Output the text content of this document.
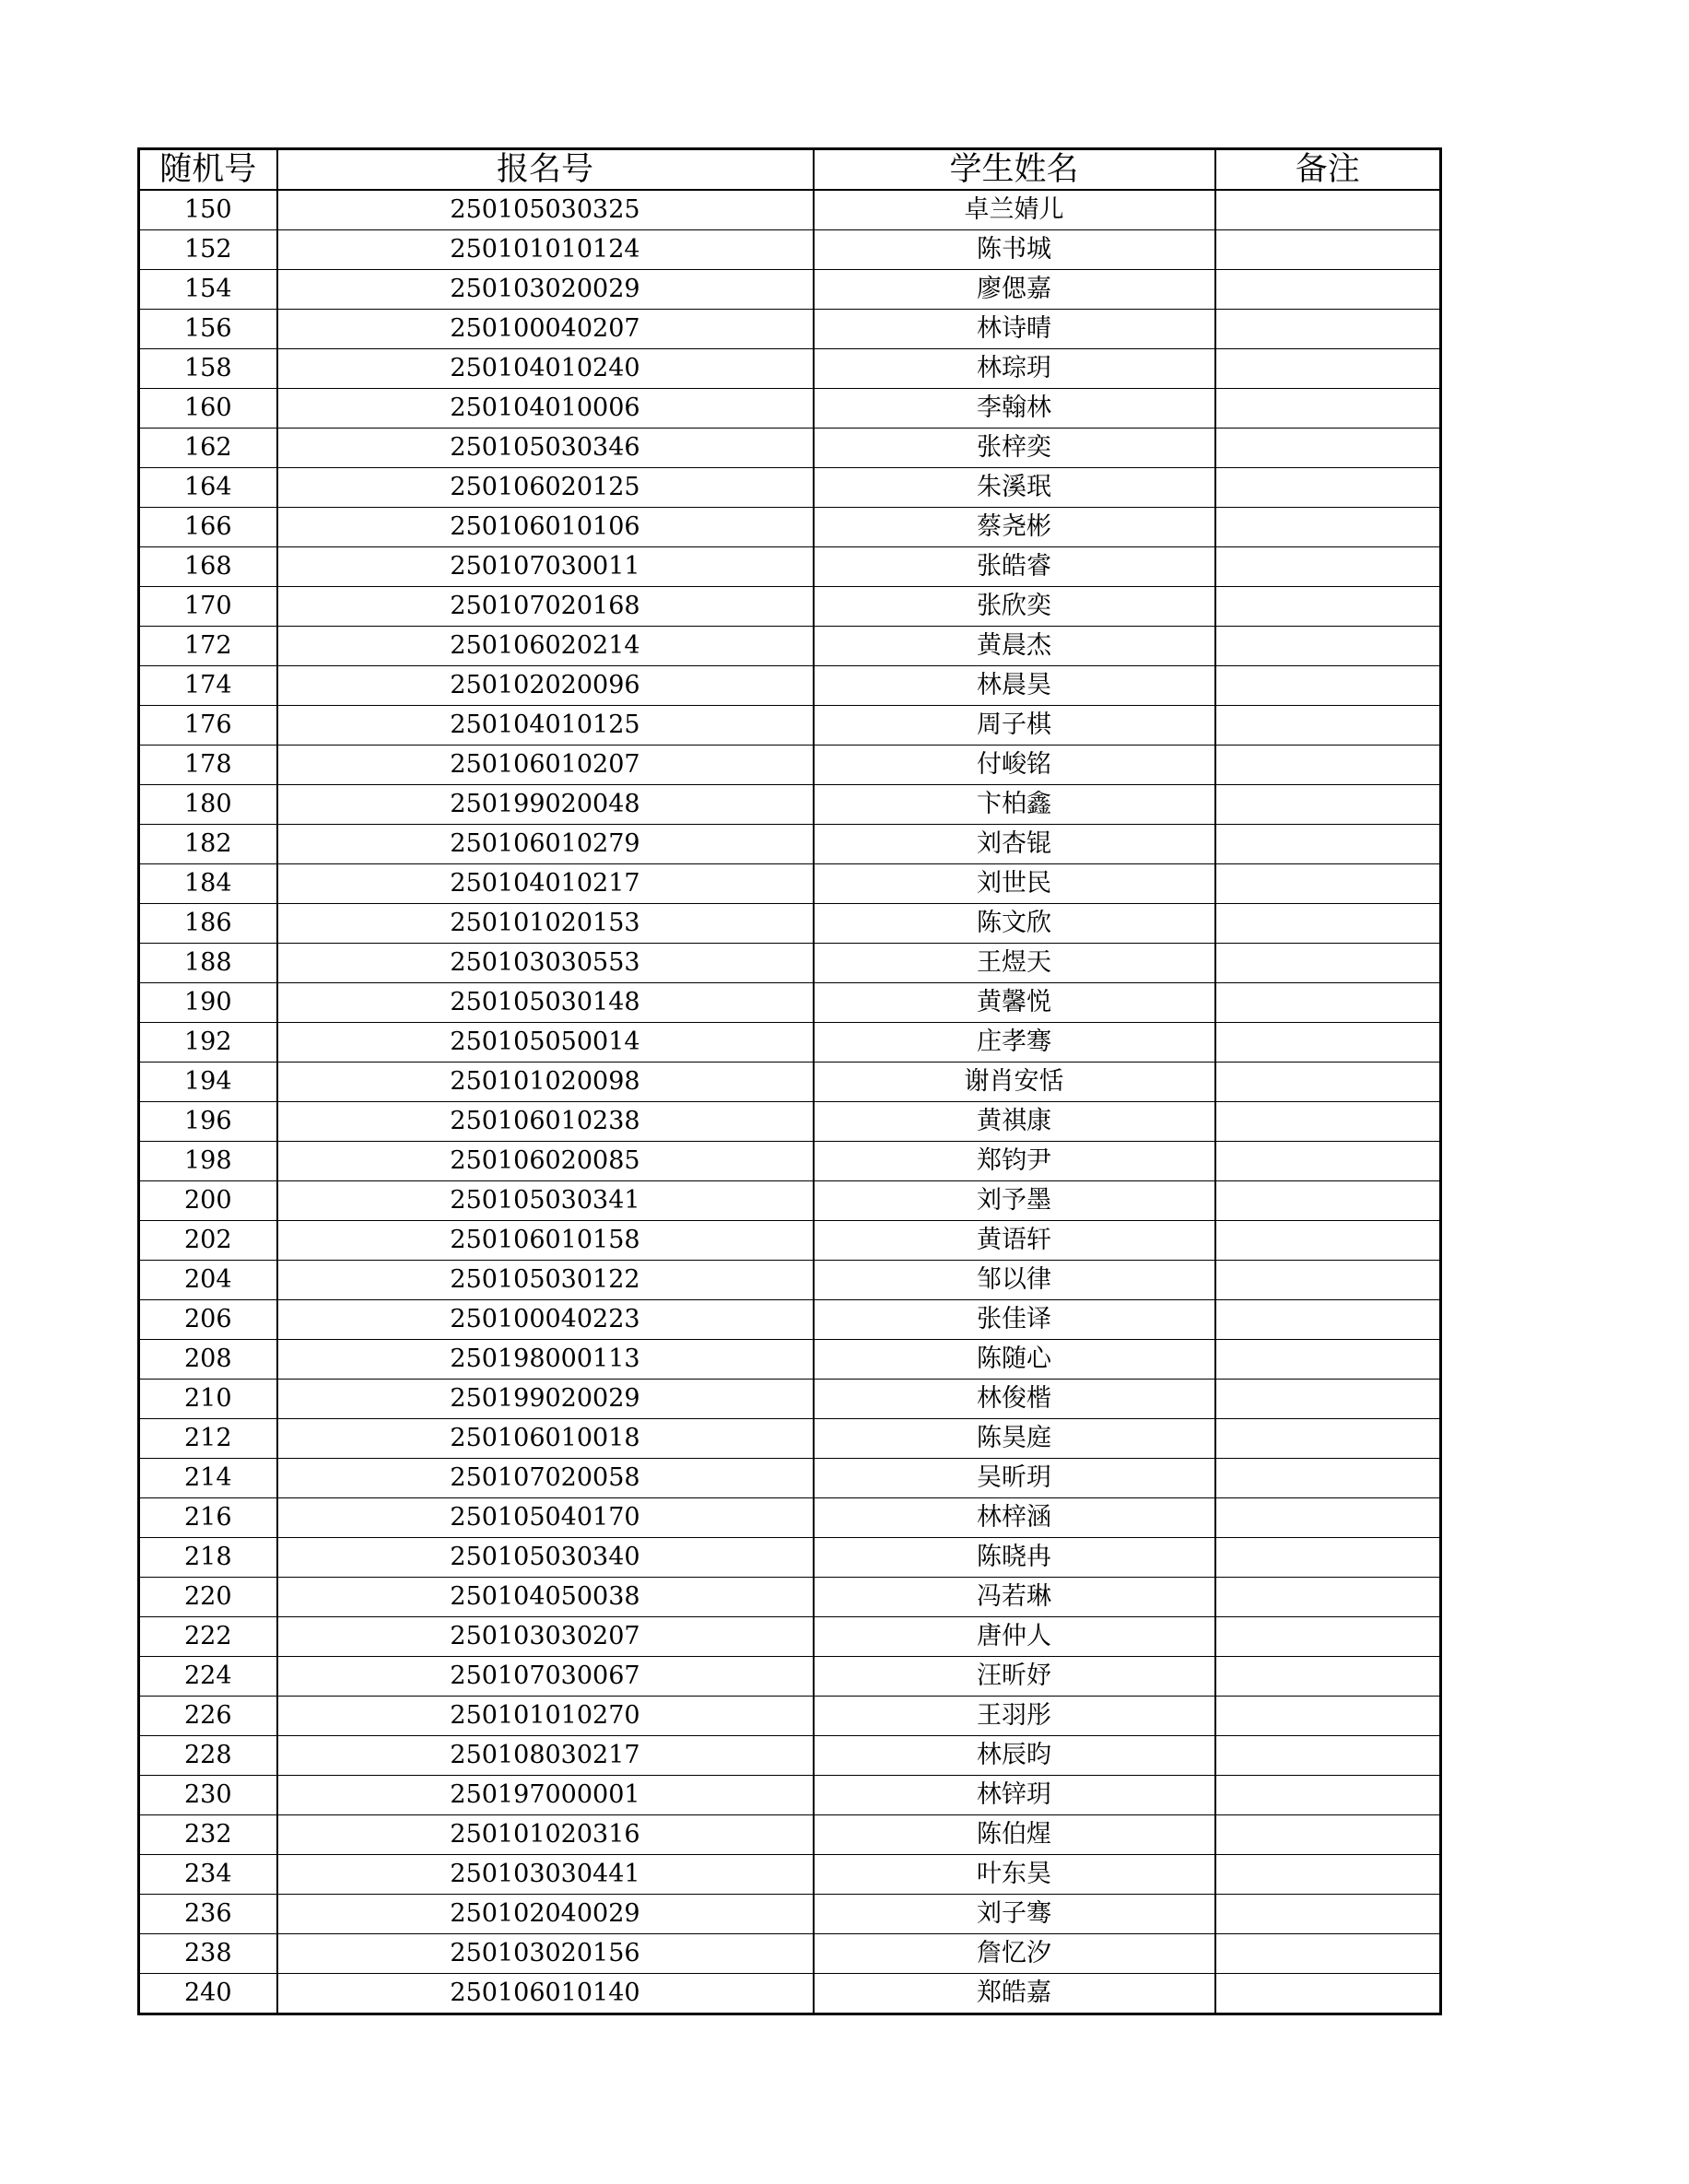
随机号	报名号	学生姓名	备注
150	250105030325	卓兰婧儿	
152	250101010124	陈书城	
154	250103020029	廖偲嘉	
156	250100040207	林诗晴	
158	250104010240	林琮玥	
160	250104010006	李翰林	
162	250105030346	张梓奕	
164	250106020125	朱溪珉	
166	250106010106	蔡尧彬	
168	250107030011	张皓睿	
170	250107020168	张欣奕	
172	250106020214	黄晨杰	
174	250102020096	林晨昊	
176	250104010125	周子棋	
178	250106010207	付峻铭	
180	250199020048	卞柏鑫	
182	250106010279	刘杏锟	
184	250104010217	刘世民	
186	250101020153	陈文欣	
188	250103030553	王煜天	
190	250105030148	黄馨悦	
192	250105050014	庄孝骞	
194	250101020098	谢肖安恬	
196	250106010238	黄祺康	
198	250106020085	郑钧尹	
200	250105030341	刘予墨	
202	250106010158	黄语轩	
204	250105030122	邹以律	
206	250100040223	张佳译	
208	250198000113	陈随心	
210	250199020029	林俊楷	
212	250106010018	陈昊庭	
214	250107020058	吴昕玥	
216	250105040170	林梓涵	
218	250105030340	陈晓冉	
220	250104050038	冯若琳	
222	250103030207	唐仲人	
224	250107030067	汪昕妤	
226	250101010270	王羽彤	
228	250108030217	林辰昀	
230	250197000001	林锌玥	
232	250101020316	陈伯煋	
234	250103030441	叶东昊	
236	250102040029	刘子骞	
238	250103020156	詹忆汐	
240	250106010140	郑皓嘉	
